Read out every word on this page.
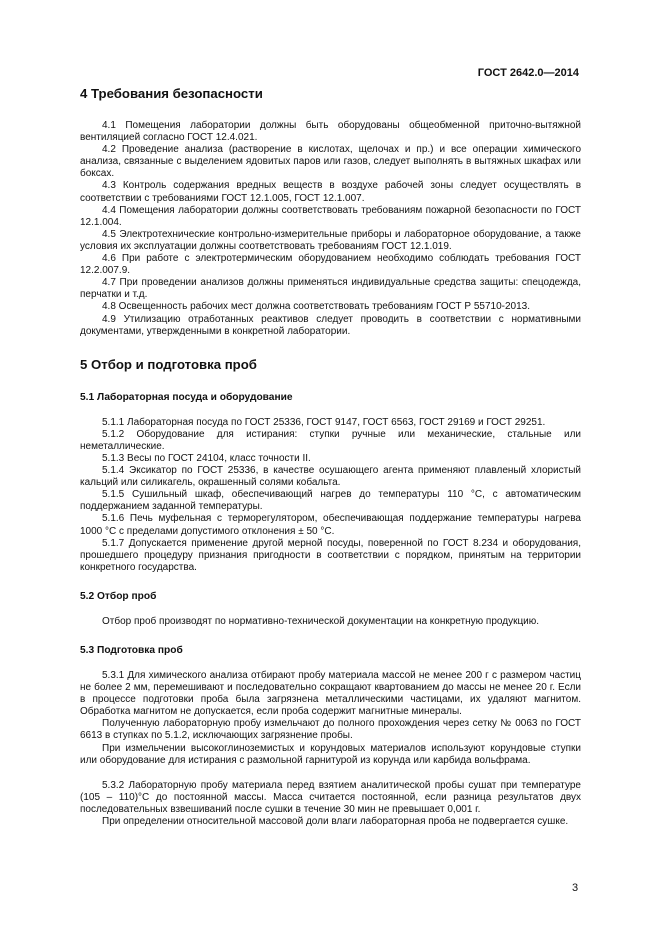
ГОСТ 2642.0—2014
4 Требования безопасности

4.1 Помещения лаборатории должны быть оборудованы общеобменной приточно-вытяжной вентиляцией согласно ГОСТ 12.4.021.

4.2 Проведение анализа (растворение в кислотах, щелочах и пр.) и все операции химического анализа, связанные с выделением ядовитых паров или газов, следует выполнять в вытяжных шкафах или боксах.

4.3 Контроль содержания вредных веществ в воздухе рабочей зоны следует осуществлять в соответствии с требованиями ГОСТ 12.1.005, ГОСТ 12.1.007.

4.4 Помещения лаборатории должны соответствовать требованиям пожарной безопасности по ГОСТ 12.1.004.

4.5 Электротехнические контрольно-измерительные приборы и лабораторное оборудование, а также условия их эксплуатации должны соответствовать требованиям ГОСТ 12.1.019.

4.6 При работе с электротермическим оборудованием необходимо соблюдать требования ГОСТ 12.2.007.9.

4.7 При проведении анализов должны применяться индивидуальные средства защиты: спецодежда, перчатки и т.д.

4.8 Освещенность рабочих мест должна соответствовать требованиям ГОСТ Р 55710-2013.

4.9 Утилизацию отработанных реактивов следует проводить в соответствии с нормативными документами, утвержденными в конкретной лаборатории.

5 Отбор и подготовка проб
5.1 Лабораторная посуда и оборудование

5.1.1 Лабораторная посуда по ГОСТ 25336, ГОСТ 9147, ГОСТ 6563, ГОСТ 29169 и ГОСТ 29251.

5.1.2 Оборудование для истирания: ступки ручные или механические, стальные или неметаллические.

5.1.3 Весы по ГОСТ 24104, класс точности II.

5.1.4 Эксикатор по ГОСТ 25336, в качестве осушающего агента применяют плавленый хлористый кальций или силикагель, окрашенный солями кобальта.

5.1.5 Сушильный шкаф, обеспечивающий нагрев до температуры 110 °С, с автоматическим поддержанием заданной температуры.

5.1.6 Печь муфельная с терморегулятором, обеспечивающая поддержание температуры нагрева 1000 °С с пределами допустимого отклонения ± 50 °С.

5.1.7 Допускается применение другой мерной посуды, поверенной по ГОСТ 8.234 и оборудования, прошедшего процедуру признания пригодности в соответствии с порядком, принятым на территории конкретного государства.

5.2 Отбор проб

Отбор проб производят по нормативно-технической документации на конкретную продукцию.

5.3 Подготовка проб

5.3.1 Для химического анализа отбирают пробу материала массой не менее 200 г с размером частиц не более 2 мм, перемешивают и последовательно сокращают квартованием до массы не менее 20 г. Если в процессе подготовки проба была загрязнена металлическими частицами, их удаляют магнитом. Обработка магнитом не допускается, если проба содержит магнитные минералы.

Полученную лабораторную пробу измельчают до полного прохождения через сетку № 0063 по ГОСТ 6613 в ступках по 5.1.2, исключающих загрязнение пробы.

При измельчении высокоглиноземистых и корундовых материалов используют корундовые ступки или оборудование для истирания с размольной гарнитурой из корунда или карбида вольфрама.

5.3.2 Лабораторную пробу материала перед взятием аналитической пробы сушат при температуре (105 – 110)°С до постоянной массы. Масса считается постоянной, если разница результатов двух последовательных взвешиваний после сушки в течение 30 мин не превышает 0,001 г.

При определении относительной массовой доли влаги лабораторная проба не подвергается сушке.

3
